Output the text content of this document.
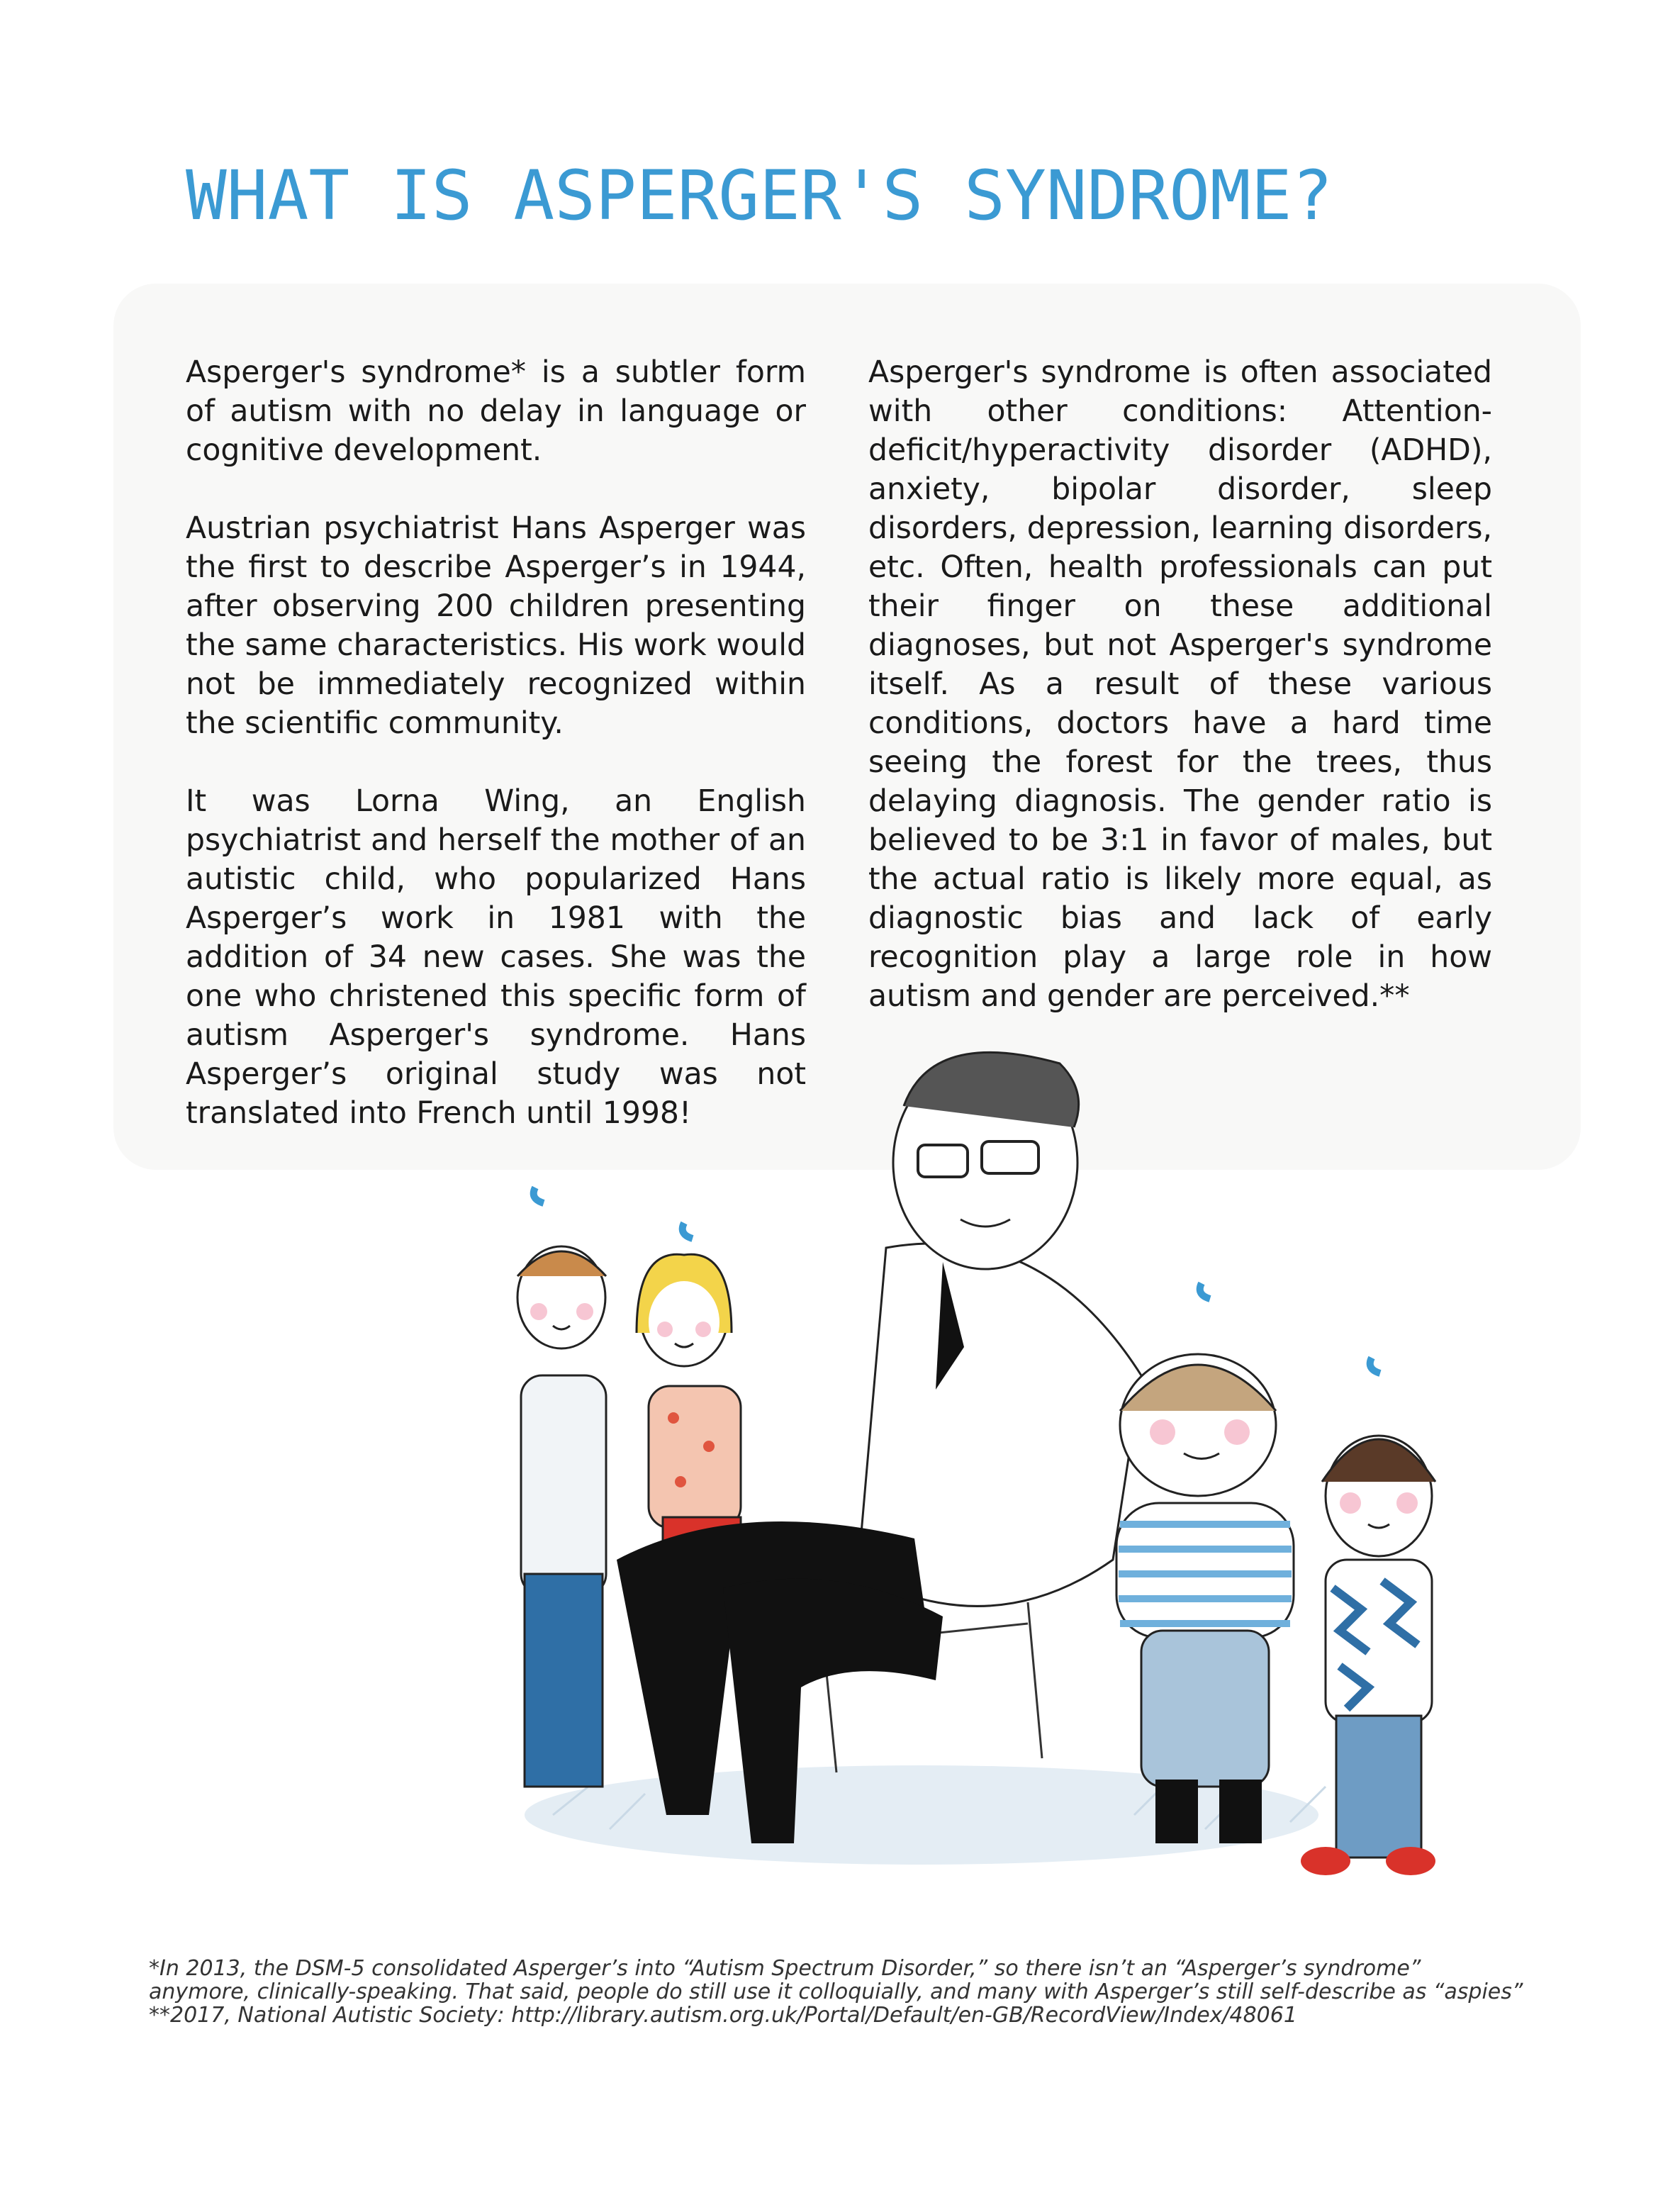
WHAT IS ASPERGER'S SYNDROME?

Asperger's syndrome* is a subtler form of autism with no delay in language or cognitive development.

Austrian psychiatrist Hans Asperger was the first to describe Asperger’s in 1944, after observing 200 children presenting the same characteristics. His work would not be immediately recognized within the scientific community.

It was Lorna Wing, an English psychiatrist and herself the mother of an autistic child, who popularized Hans Asperger’s work in 1981 with the addition of 34 new cases. She was the one who christened this specific form of autism Asperger's syndrome. Hans Asperger’s original study was not translated into French until 1998!

Asperger's syndrome is often associated with other conditions: Attention-deficit/hyperactivity disorder (ADHD), anxiety, bipolar disorder, sleep disorders, depression, learning disorders, etc. Often, health professionals can put their finger on these additional diagnoses, but not Asperger's syndrome itself. As a result of these various conditions, doctors have a hard time seeing the forest for the trees, thus delaying diagnosis. The gender ratio is believed to be 3:1 in favor of males, but the actual ratio is likely more equal, as diagnostic bias and lack of early recognition play a large role in how autism and gender are perceived.**

*In 2013, the DSM-5 consolidated Asperger’s into “Autism Spectrum Disorder,” so there isn’t an “Asperger’s syndrome”
anymore, clinically-speaking. That said, people do still use it colloquially, and many with Asperger’s still self-describe as “aspies”
**2017, National Autistic Society: http://library.autism.org.uk/Portal/Default/en-GB/RecordView/Index/48061
